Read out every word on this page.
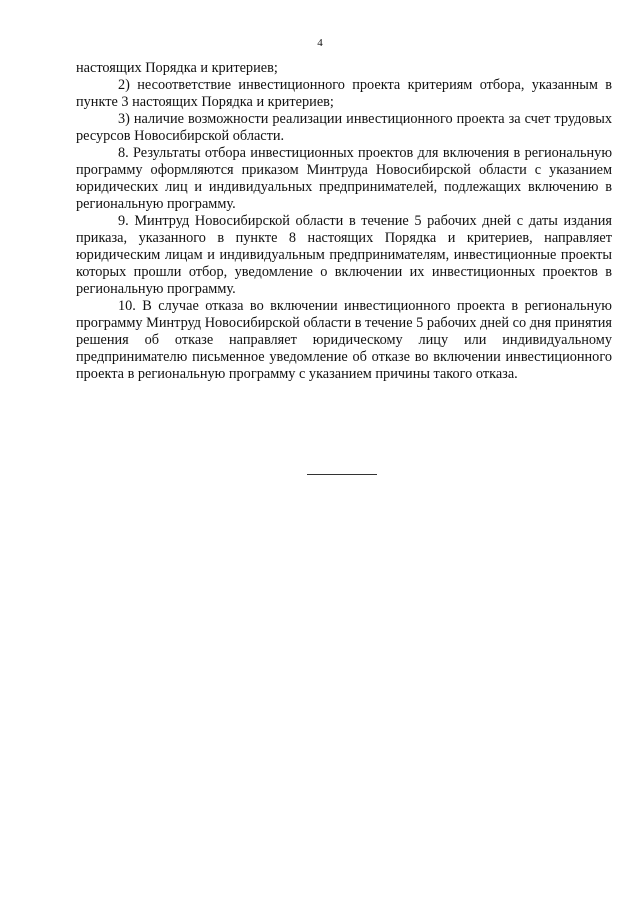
4

настоящих Порядка и критериев;

2) несоответствие инвестиционного проекта критериям отбора, указанным в пункте 3 настоящих Порядка и критериев;

3) наличие возможности реализации инвестиционного проекта за счет трудовых ресурсов Новосибирской области.

8. Результаты отбора инвестиционных проектов для включения в региональную программу оформляются приказом Минтруда Новосибирской области с указанием юридических лиц и индивидуальных предпринимателей, подлежащих включению в региональную программу.

9. Минтруд Новосибирской области в течение 5 рабочих дней с даты издания приказа, указанного в пункте 8 настоящих Порядка и критериев, направляет юридическим лицам и индивидуальным предпринимателям, инвестиционные проекты которых прошли отбор, уведомление о включении их инвестиционных проектов в региональную программу.

10. В случае отказа во включении инвестиционного проекта в региональную программу Минтруд Новосибирской области в течение 5 рабочих дней со дня принятия решения об отказе направляет юридическому лицу или индивидуальному предпринимателю письменное уведомление об отказе во включении инвестиционного проекта в региональную программу с указанием причины такого отказа.
